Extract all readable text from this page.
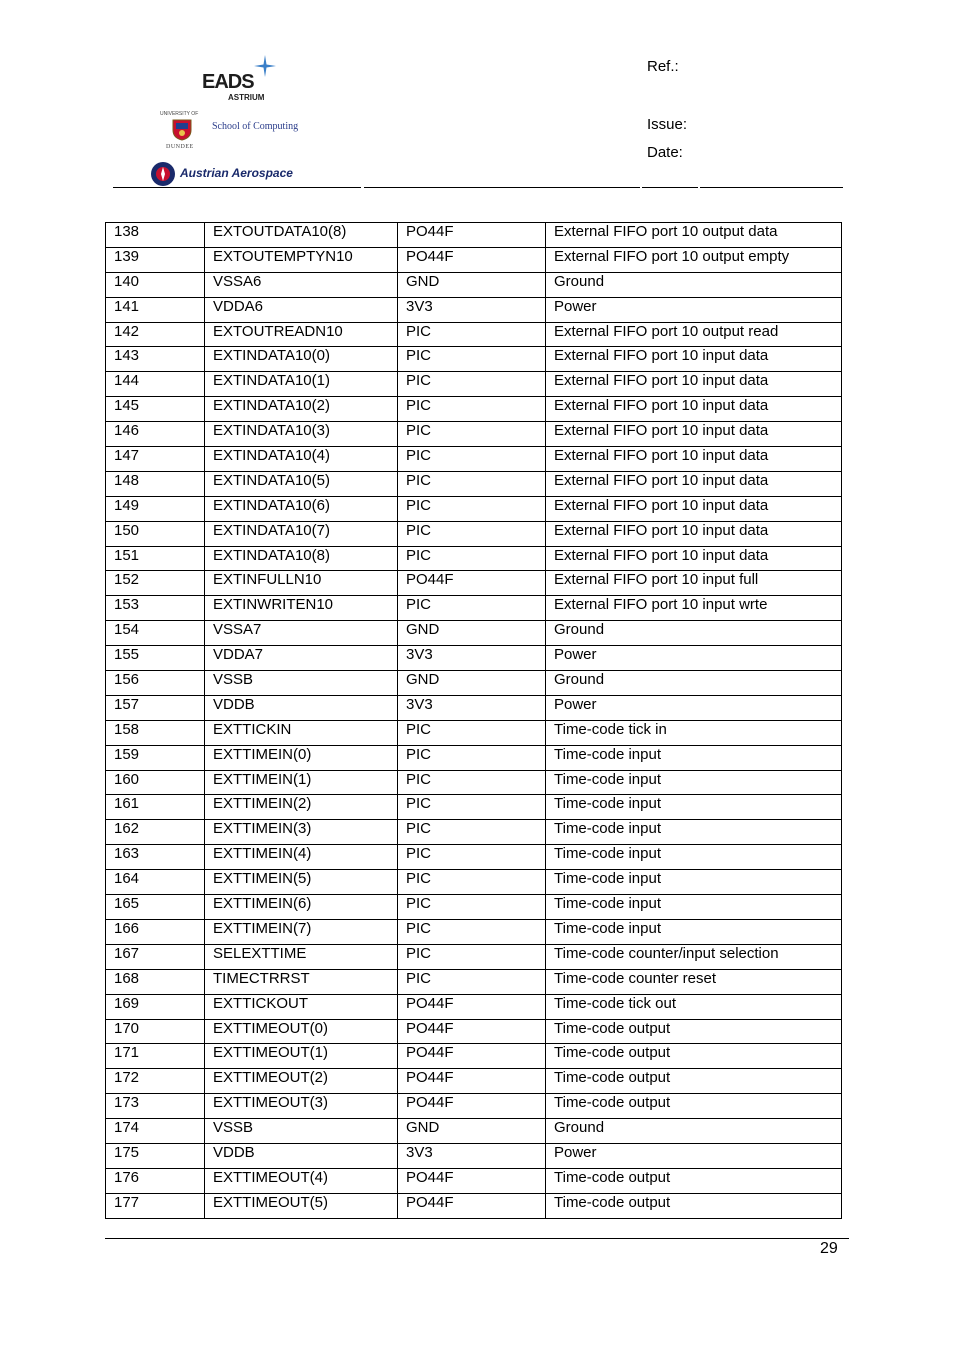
EADS
ASTRIUM
UNIVERSITY OF
DUNDEE
School of Computing
Austrian Aerospace
Ref.:
Issue:
Date:
138	EXTOUTDATA10(8)	PO44F	External FIFO port 10 output data
139	EXTOUTEMPTYN10	PO44F	External FIFO port 10 output empty
140	VSSA6	GND	Ground
141	VDDA6	3V3	Power
142	EXTOUTREADN10	PIC	External FIFO port 10 output read
143	EXTINDATA10(0)	PIC	External FIFO port 10 input data
144	EXTINDATA10(1)	PIC	External FIFO port 10 input data
145	EXTINDATA10(2)	PIC	External FIFO port 10 input data
146	EXTINDATA10(3)	PIC	External FIFO port 10 input data
147	EXTINDATA10(4)	PIC	External FIFO port 10 input data
148	EXTINDATA10(5)	PIC	External FIFO port 10 input data
149	EXTINDATA10(6)	PIC	External FIFO port 10 input data
150	EXTINDATA10(7)	PIC	External FIFO port 10 input data
151	EXTINDATA10(8)	PIC	External FIFO port 10 input data
152	EXTINFULLN10	PO44F	External FIFO port 10 input full
153	EXTINWRITEN10	PIC	External FIFO port 10 input wrte
154	VSSA7	GND	Ground
155	VDDA7	3V3	Power
156	VSSB	GND	Ground
157	VDDB	3V3	Power
158	EXTTICKIN	PIC	Time-code tick in
159	EXTTIMEIN(0)	PIC	Time-code input
160	EXTTIMEIN(1)	PIC	Time-code input
161	EXTTIMEIN(2)	PIC	Time-code input
162	EXTTIMEIN(3)	PIC	Time-code input
163	EXTTIMEIN(4)	PIC	Time-code input
164	EXTTIMEIN(5)	PIC	Time-code input
165	EXTTIMEIN(6)	PIC	Time-code input
166	EXTTIMEIN(7)	PIC	Time-code input
167	SELEXTTIME	PIC	Time-code counter/input selection
168	TIMECTRRST	PIC	Time-code counter reset
169	EXTTICKOUT	PO44F	Time-code tick out
170	EXTTIMEOUT(0)	PO44F	Time-code output
171	EXTTIMEOUT(1)	PO44F	Time-code output
172	EXTTIMEOUT(2)	PO44F	Time-code output
173	EXTTIMEOUT(3)	PO44F	Time-code output
174	VSSB	GND	Ground
175	VDDB	3V3	Power
176	EXTTIMEOUT(4)	PO44F	Time-code output
177	EXTTIMEOUT(5)	PO44F	Time-code output
29
